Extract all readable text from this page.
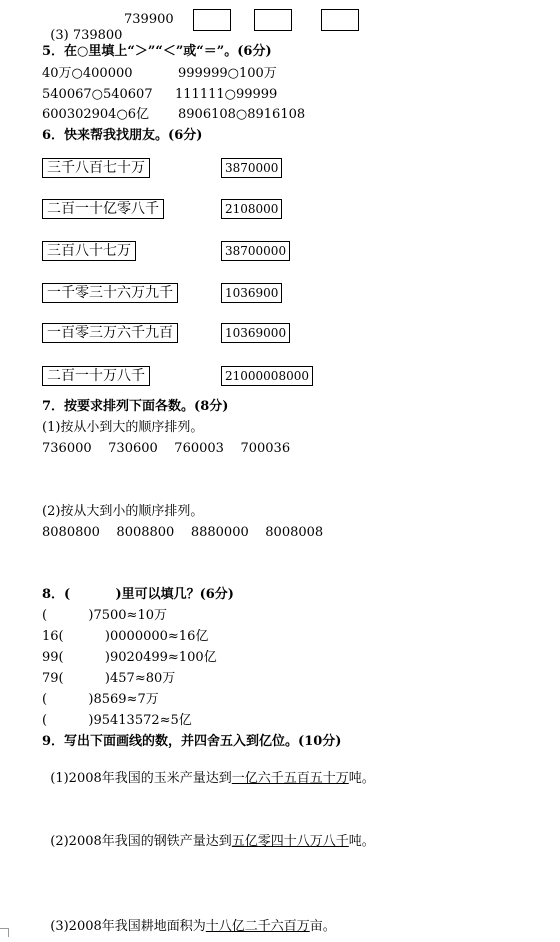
(3) 739800

739900
5．在○里填上“＞”“＜”或“＝”。(6分)
40万○400000	999999○100万
540067○540607 111111○99999
600302904○6亿 8906108○8916108
6．快来帮我找朋友。(6分)
三千八百七十万	3870000
二百一十亿零八千	2108000
三百八十七万	38700000
一千零三十六万九千	1036900
一百零三万六千九百	10369000
二百一十万八千	21000008000
7．按要求排列下面各数。(8分)
(1)按从小到大的顺序排列。
736000    730600    760003    700036
(2)按从大到小的顺序排列。
8080800    8008800    8880000    8008008
8．(          )里可以填几？(6分)
(          )7500≈10万
16(          )0000000≈16亿
99(          )9020499≈100亿
79(          )457≈80万
(          )8569≈7万
(          )95413572≈5亿
9．写出下面画线的数，并四舍五入到亿位。(10分)

(1)2008年我国的玉米产量达到一亿六千五百五十万吨。

(2)2008年我国的钢铁产量达到五亿零四十八万八千吨。

(3)2008年我国耕地面积为十八亿二千六百万亩。
